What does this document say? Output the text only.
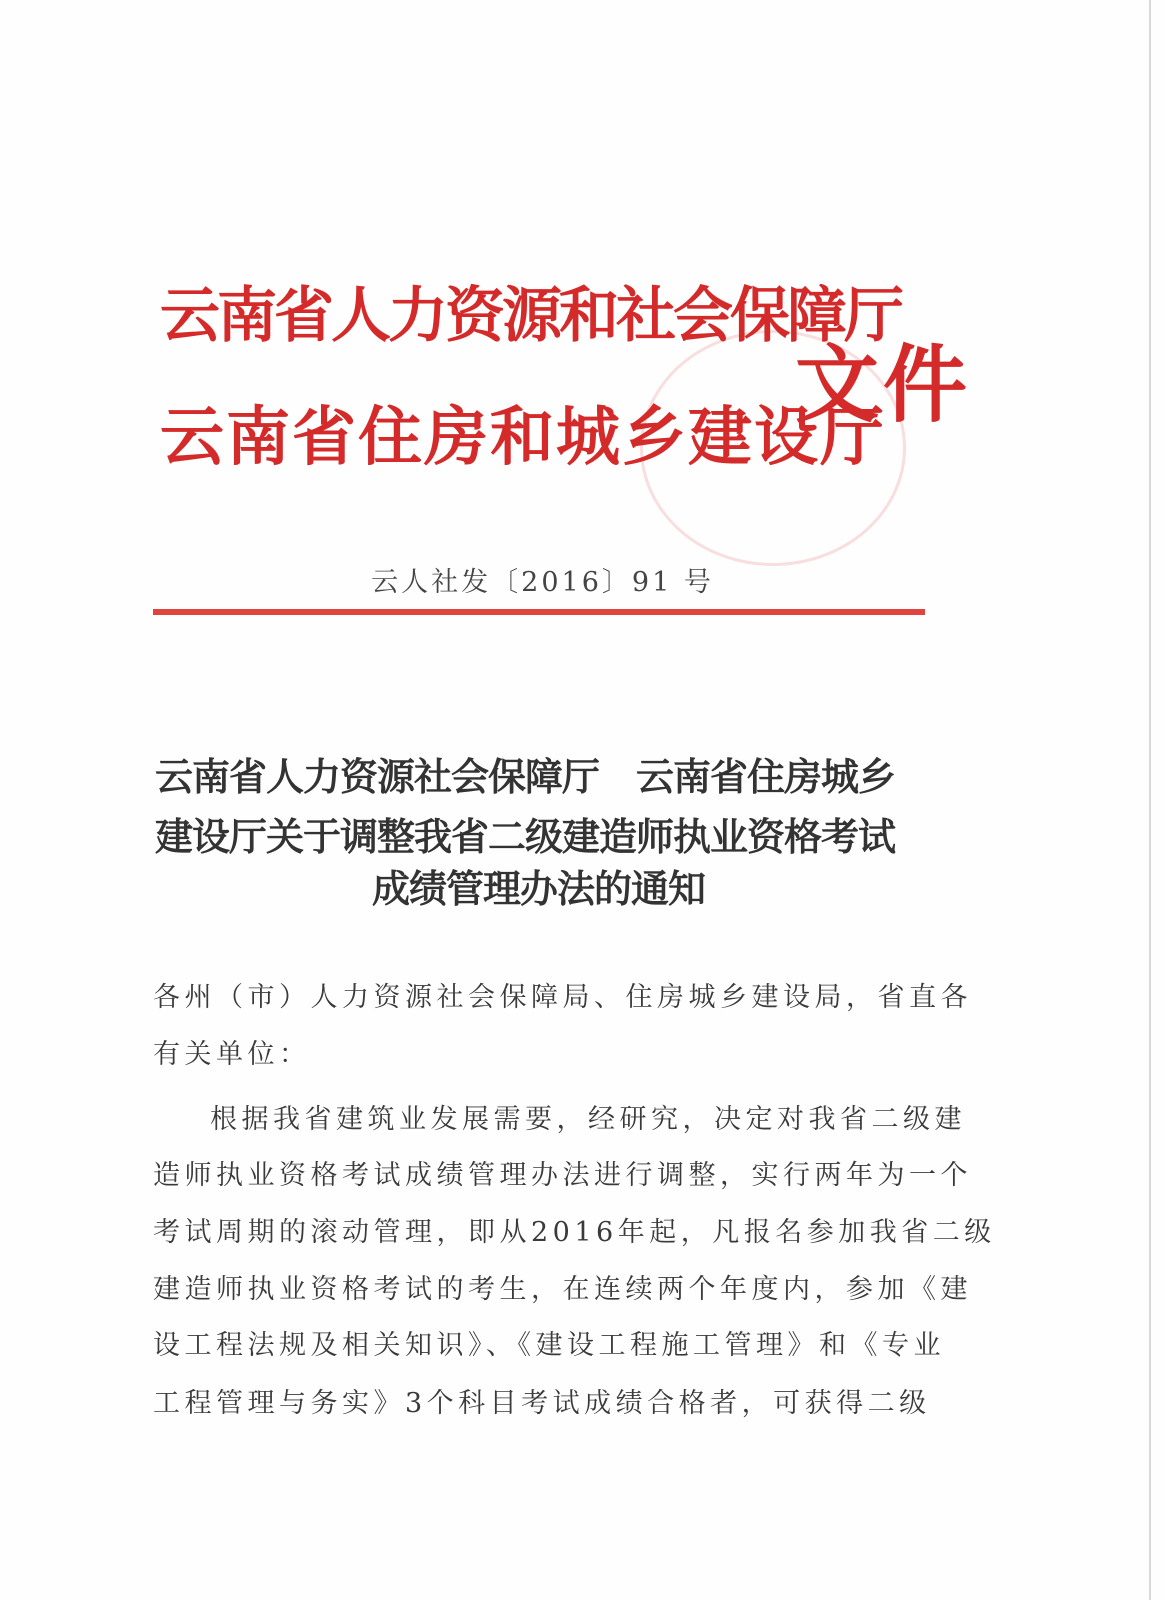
云南省人力资源和社会保障厅
云南省住房和城乡建设厅
文件
云人社发〔2016〕91 号
云南省人力资源社会保障厅　云南省住房城乡
建设厅关于调整我省二级建造师执业资格考试
成绩管理办法的通知
各州（市）人力资源社会保障局、住房城乡建设局，省直各
有关单位：
根据我省建筑业发展需要，经研究，决定对我省二级建
造师执业资格考试成绩管理办法进行调整，实行两年为一个
考试周期的滚动管理，即从2016年起，凡报名参加我省二级
建造师执业资格考试的考生，在连续两个年度内，参加《建
设工程法规及相关知识》、《建设工程施工管理》和《专业
工程管理与务实》3个科目考试成绩合格者，可获得二级
